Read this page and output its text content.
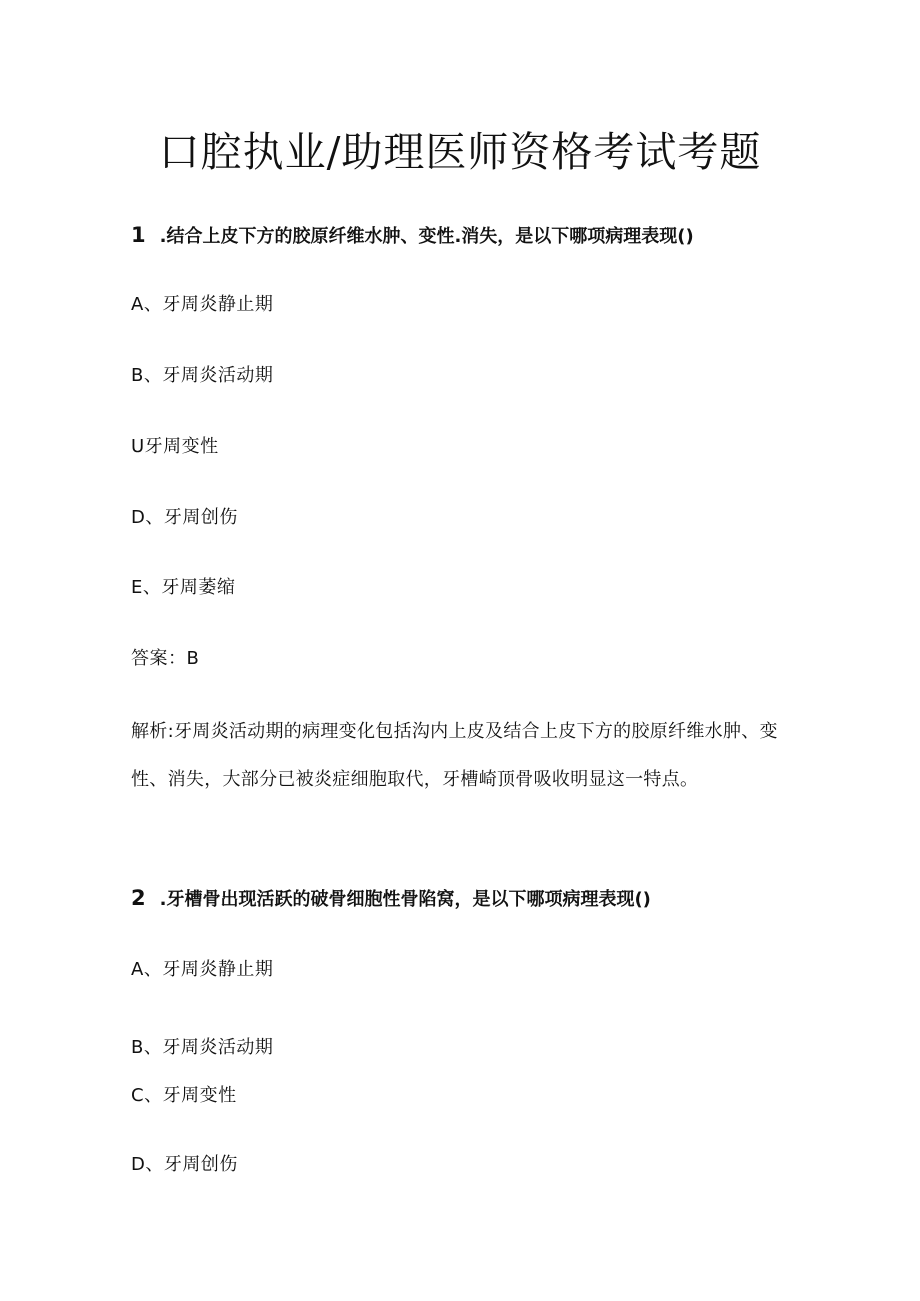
口腔执业/助理医师资格考试考题
1 .结合上皮下方的胶原纤维水肿、变性.消失，是以下哪项病理表现()
A、牙周炎静止期
B、牙周炎活动期
U牙周变性
D、牙周创伤
E、牙周萎缩
答案：B
解析:牙周炎活动期的病理变化包括沟内上皮及结合上皮下方的胶原纤维水肿、变
性、消失，大部分已被炎症细胞取代，牙槽崎顶骨吸收明显这一特点。
2 .牙槽骨出现活跃的破骨细胞性骨陷窝，是以下哪项病理表现()
A、牙周炎静止期
B、牙周炎活动期
C、牙周变性
D、牙周创伤
